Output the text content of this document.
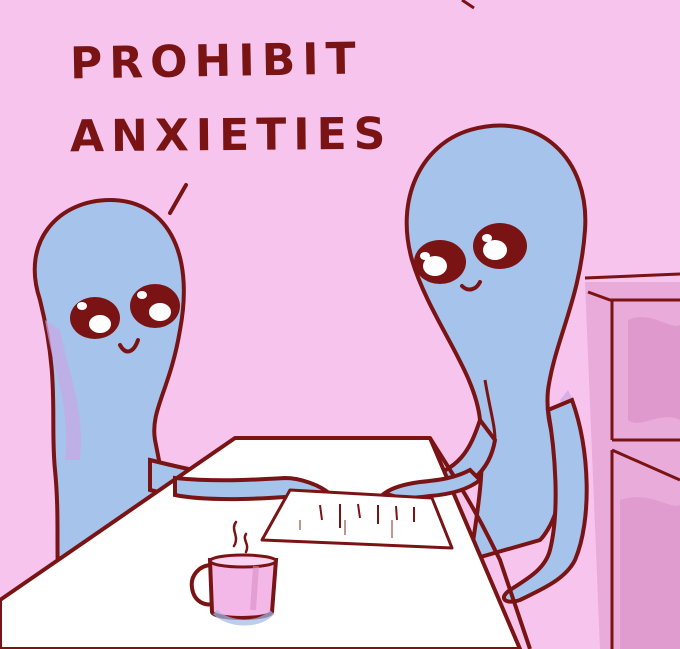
PROHIBIT

ANXIETIES
